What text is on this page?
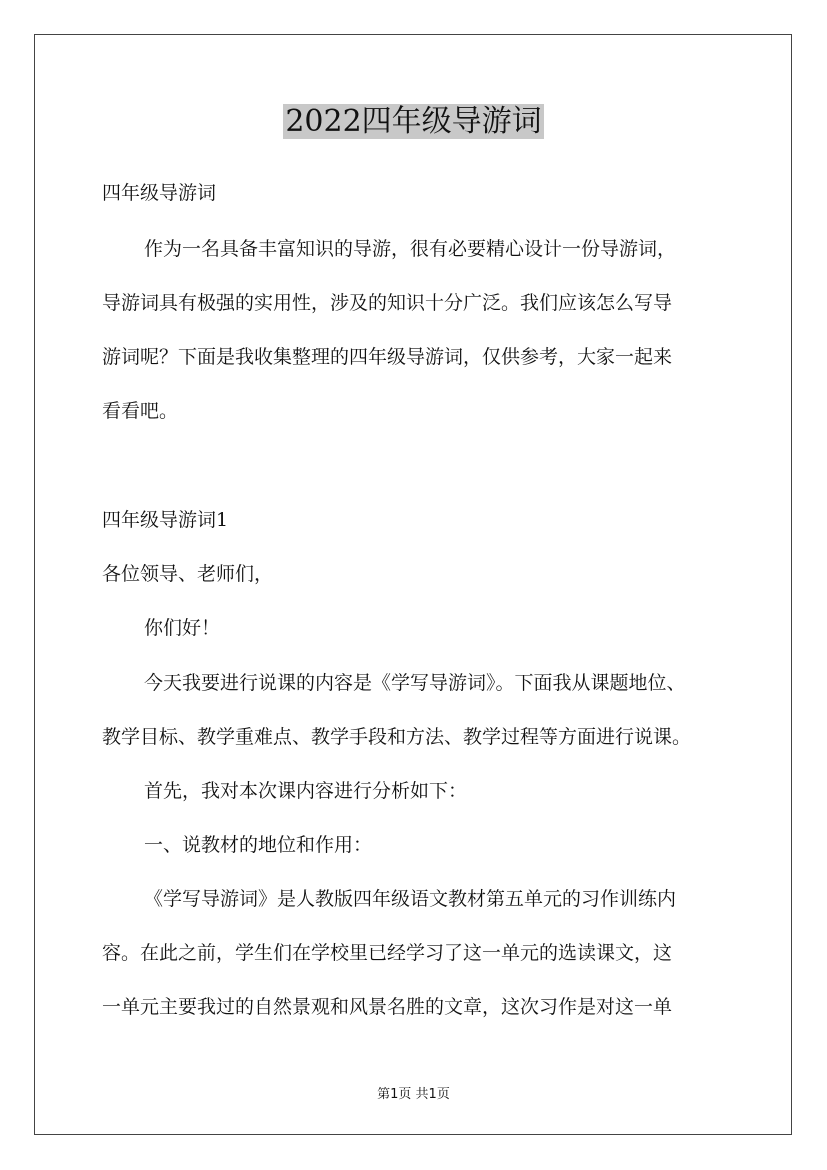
2022四年级导游词
四年级导游词
作为一名具备丰富知识的导游，很有必要精心设计一份导游词，
导游词具有极强的实用性，涉及的知识十分广泛。我们应该怎么写导
游词呢？下面是我收集整理的四年级导游词，仅供参考，大家一起来
看看吧。
四年级导游词1
各位领导、老师们，
你们好！
今天我要进行说课的内容是《学写导游词》。下面我从课题地位、
教学目标、教学重难点、教学手段和方法、教学过程等方面进行说课。
首先，我对本次课内容进行分析如下：
一、说教材的地位和作用：
《学写导游词》是人教版四年级语文教材第五单元的习作训练内
容。在此之前，学生们在学校里已经学习了这一单元的选读课文，这
一单元主要我过的自然景观和风景名胜的文章，这次习作是对这一单
第1页 共1页
